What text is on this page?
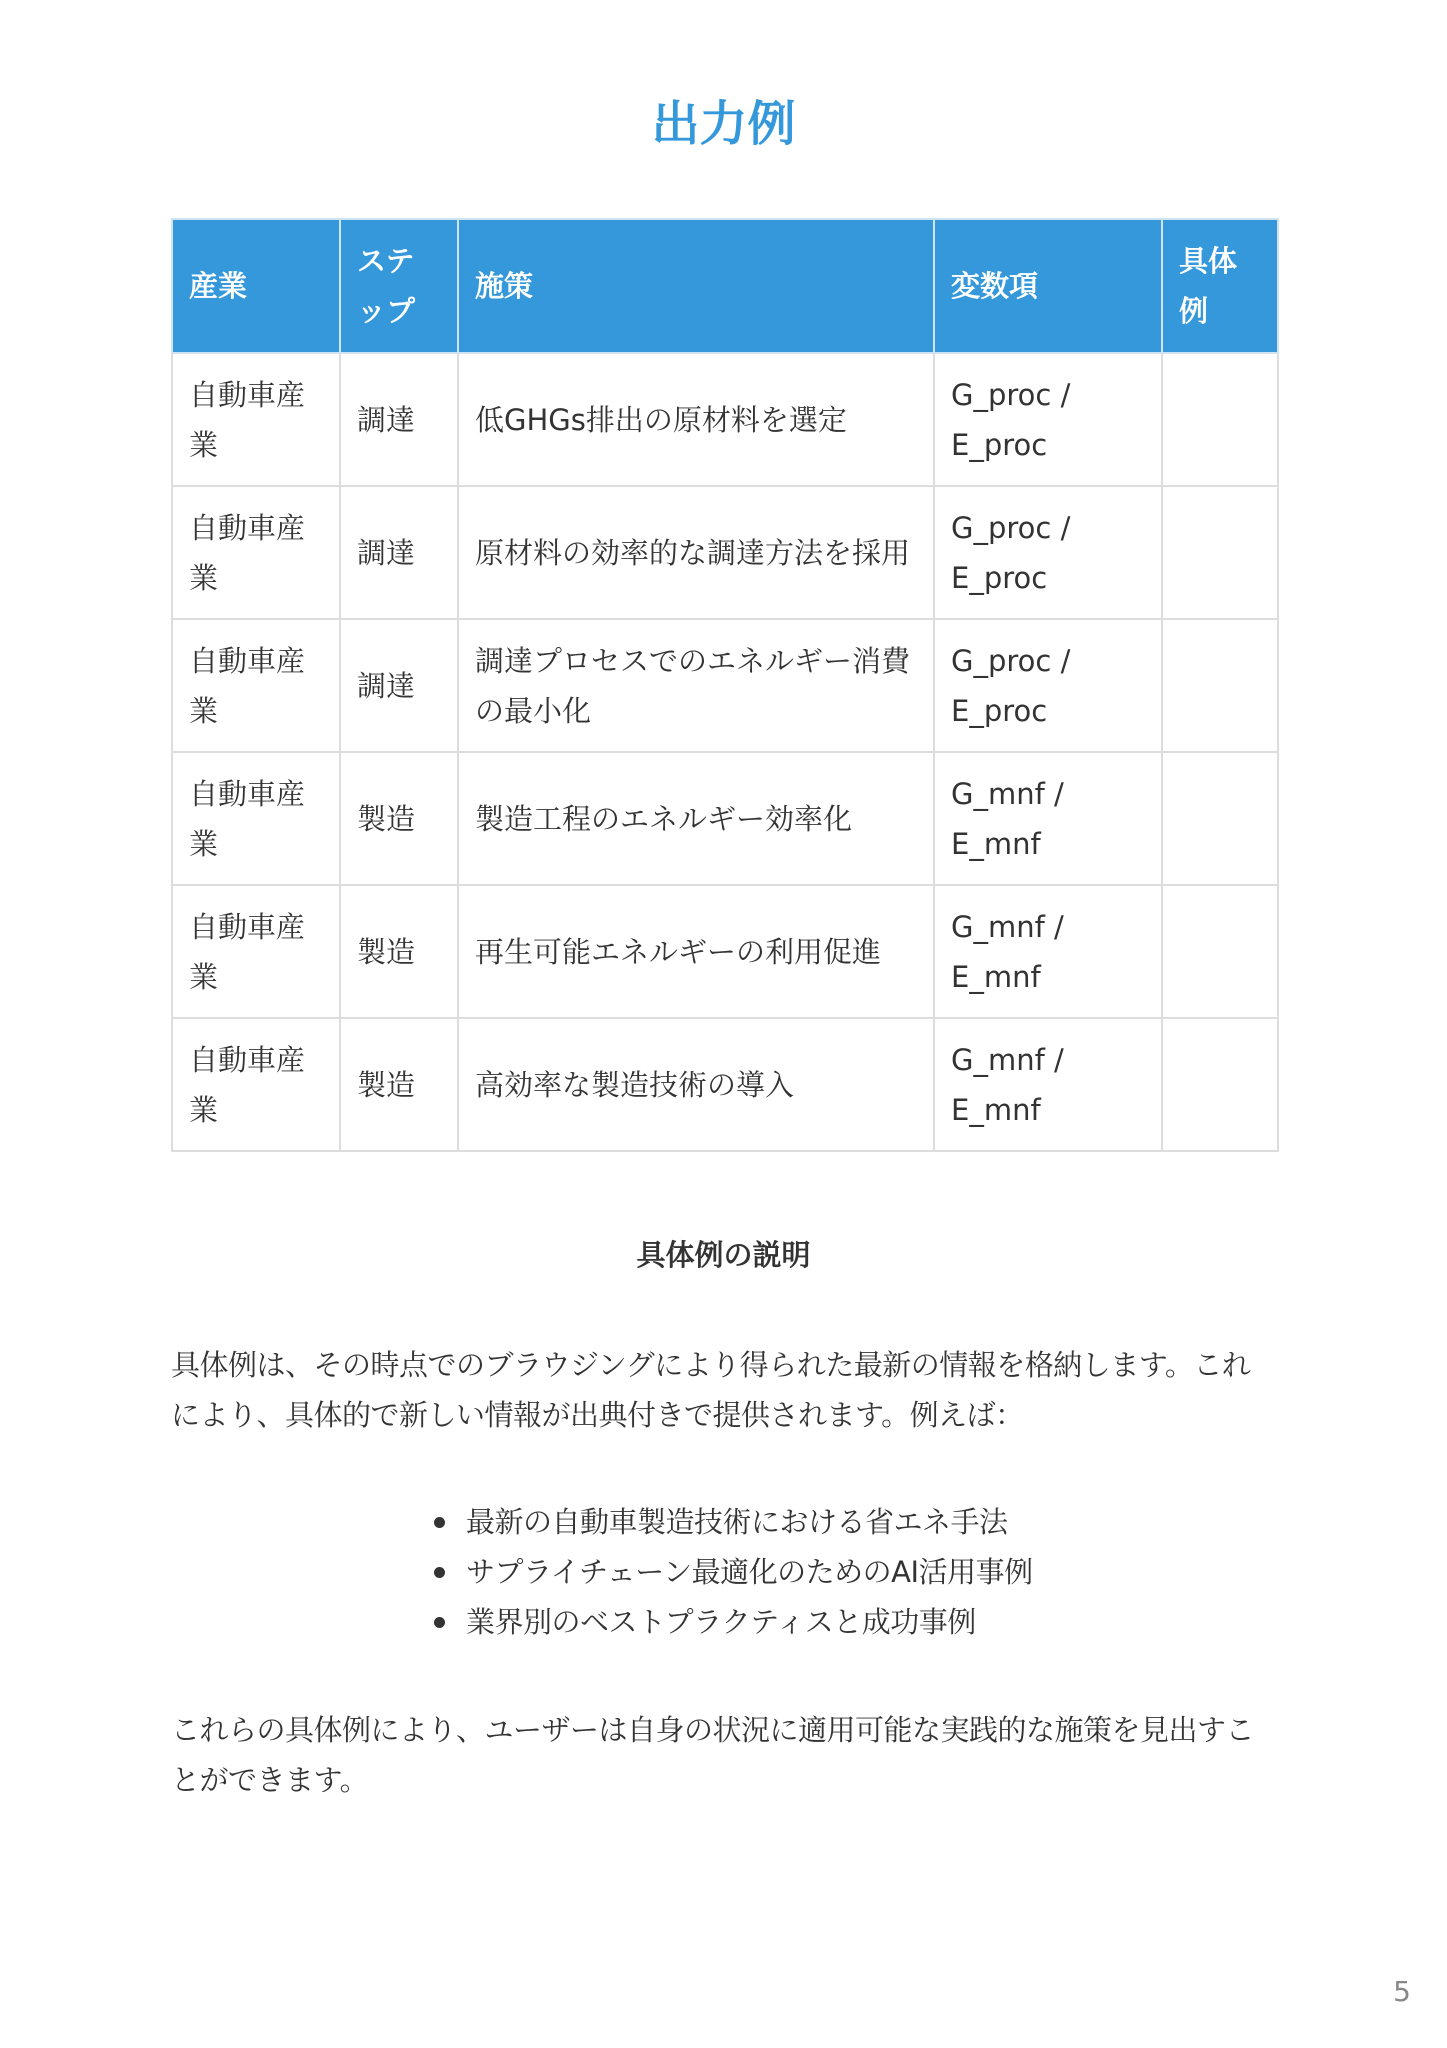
出力例
産業	ステップ	施策	変数項	具体例
自動車産業	調達	低GHGs排出の原材料を選定	G_proc / E_proc	
自動車産業	調達	原材料の効率的な調達方法を採用	G_proc / E_proc	
自動車産業	調達	調達プロセスでのエネルギー消費の最小化	G_proc / E_proc	
自動車産業	製造	製造工程のエネルギー効率化	G_mnf / E_mnf	
自動車産業	製造	再生可能エネルギーの利用促進	G_mnf / E_mnf	
自動車産業	製造	高効率な製造技術の導入	G_mnf / E_mnf	
具体例の説明

具体例は、その時点でのブラウジングにより得られた最新の情報を格納します。これにより、具体的で新しい情報が出典付きで提供されます。例えば：

最新の自動車製造技術における省エネ手法
サプライチェーン最適化のためのAI活用事例
業界別のベストプラクティスと成功事例

これらの具体例により、ユーザーは自身の状況に適用可能な実践的な施策を見出すことができます。

5
